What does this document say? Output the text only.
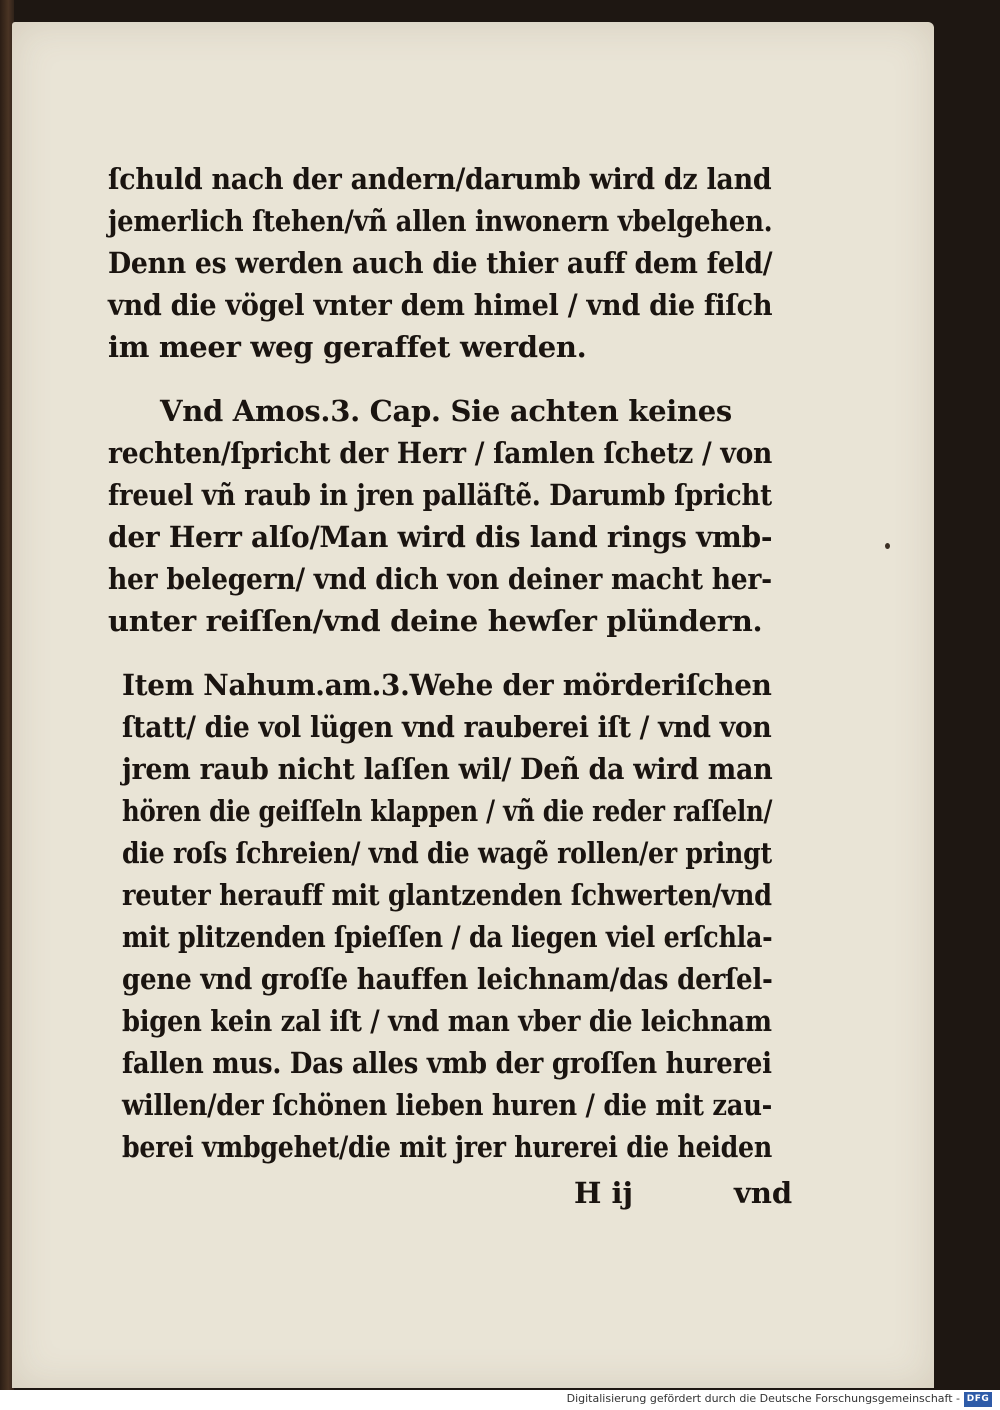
ſchuld nach der andern/darumb wird dz land
jemerlich ſtehen/vñ allen inwonern vbelgehen.
Denn es werden auch die thier auff dem feld/
vnd die vögel vnter dem himel / vnd die fiſch
im meer weg geraffet werden.
Vnd Amos.3. Cap. Sie achten keines
rechten/ſpricht der Herr / ſamlen ſchetz / von
freuel vñ raub in jren palläſtẽ. Darumb ſpricht
der Herr alſo/Man wird dis land rings vmb-
her belegern/ vnd dich von deiner macht her-
unter reiſſen/vnd deine hewſer plündern.
Item Nahum.am.3.Wehe der mörderiſchen
ſtatt/ die vol lügen vnd rauberei iſt / vnd von
jrem raub nicht laſſen wil/ Deñ da wird man
hören die geiſſeln klappen / vñ die reder raſſeln/
die roſs ſchreien/ vnd die wagẽ rollen/er pringt
reuter herauff mit glantzenden ſchwerten/vnd
mit plitzenden ſpieſſen / da liegen viel erſchla-
gene vnd groſſe hauffen leichnam/das derſel-
bigen kein zal iſt / vnd man vber die leichnam
fallen mus. Das alles vmb der groſſen hurerei
willen/der ſchönen lieben huren / die mit zau-
berei vmbgehet/die mit jrer hurerei die heiden
H ij	vnd
Digitalisierung gefördert durch die Deutsche Forschungsgemeinschaft - DFG
